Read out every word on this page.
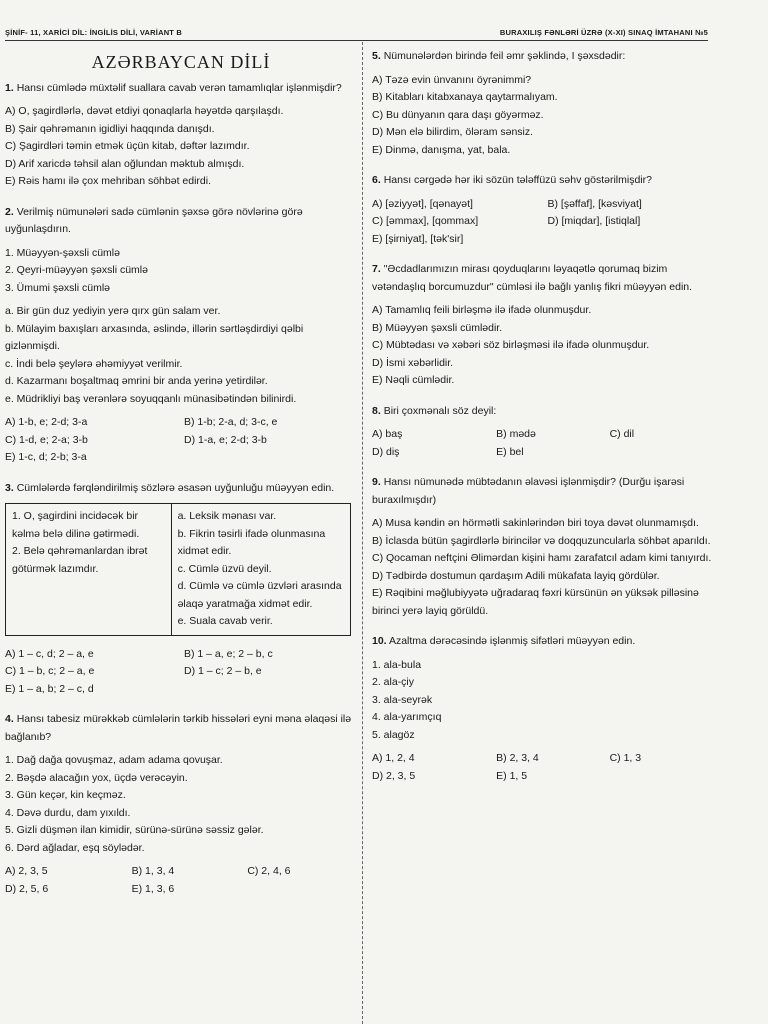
ŞİNİF- 11, XARİCİ DİL: İNGİLİS DİLİ, VARİANT B	BURAXILIŞ FƏNLƏRİ ÜZRƏ (X-XI) SINAQ İMTAHANI №5
AZƏRBAYCAN DİLİ
1. Hansı cümlədə müxtəlif suallara cavab verən tamamlıqlar işlənmişdir?
A) O, şagirdlərlə, dəvət etdiyi qonaqlarla həyətdə qarşılaşdı.
B) Şair qəhrəmanın igidliyi haqqında danışdı.
C) Şagirdləri təmin etmək üçün kitab, dəftər lazımdır.
D) Arif xaricdə təhsil alan oğlundan məktub almışdı.
E) Rəis hamı ilə çox mehriban söhbət edirdi.
2. Verilmiş nümunələri sadə cümlənin şəxsə görə növlərinə görə uyğunlaşdırın.
1. Müəyyən-şəxsli cümlə
2. Qeyri-müəyyən şəxsli cümlə
3. Ümumi şəxsli cümlə
a. Bir gün duz yediyin yerə qırx gün salam ver.
b. Mülayim baxışları arxasında, əslində, illərin sərtləşdirdiyi qəlbi gizlənmişdi.
c. İndi belə şeylərə əhəmiyyət verilmir.
d. Kazarmanı boşaltmaq əmrini bir anda yerinə yetirdilər.
e. Müdrikliyi baş verənlərə soyuqqanlı münasibətindən bilinirdi.
A) 1-b, e; 2-d; 3-a	B) 1-b; 2-a, d; 3-c, e
C) 1-d, e; 2-a; 3-b	D) 1-a, e; 2-d; 3-b
E) 1-c, d; 2-b; 3-a
3. Cümlələrdə fərqləndirilmiş sözlərə əsasən uyğunluğu müəyyən edin.
1. O, şagirdini incidəcək bir kəlmə belə dilinə gətirmədi.
2. Belə qəhrəmanlardan ibrət götürmək lazımdır.

a. Leksik mənası var.
b. Fikrin təsirli ifadə olunmasına xidmət edir.
c. Cümlə üzvü deyil.
d. Cümlə və cümlə üzvləri arasında əlaqə yaratmağa xidmət edir.
e. Suala cavab verir.
A) 1 – c, d; 2 – a, e	B) 1 – a, e; 2 – b, c
C) 1 – b, c; 2 – a, e	D) 1 – c; 2 – b, e
E) 1 – a, b; 2 – c, d
4. Hansı tabesiz mürəkkəb cümlələrin tərkib hissələri eyni məna əlaqəsi ilə bağlanıb?
1. Dağ dağa qovuşmaz, adam adama qovuşar.
2. Bəşdə alacağın yox, üçdə verəcəyin.
3. Gün keçər, kin keçməz.
4. Dəvə durdu, dam yıxıldı.
5. Gizli düşmən ilan kimidir, sürünə-sürünə səssiz gələr.
6. Dərd ağladar, eşq söylədər.
A) 2, 3, 5	B) 1, 3, 4	C) 2, 4, 6
D) 2, 5, 6	E) 1, 3, 6
5. Nümunələrdən birində feil əmr şəklində, I şəxsdədir:
A) Təzə evin ünvanını öyrənimmi?
B) Kitabları kitabxanaya qaytarmalıyam.
C) Bu dünyanın qara daşı göyərməz.
D) Mən elə bilirdim, öləram sənsiz.
E) Dinmə, danışma, yat, bala.
6. Hansı cərgədə hər iki sözün tələffüzü səhv göstərilmişdir?
A) [əziyyət], [qənayət]	B) [şəffaf], [kəsviyat]
C) [əmmax], [qommax]	D) [miqdar], [istiqlal]
E) [şirniyat], [tək'sir]
7. "Əcdadlarımızın mirası qoyduqlarını ləyaqətlə qorumaq bizim vətəndaşlıq borcumuzdur" cümləsi ilə bağlı yanlış fikri müəyyən edin.
A) Tamamlıq feili birləşmə ilə ifadə olunmuşdur.
B) Müəyyən şəxsli cümlədir.
C) Mübtədası və xəbəri söz birləşməsi ilə ifadə olunmuşdur.
D) İsmi xəbərlidir.
E) Nəqli cümlədir.
8. Biri çoxmənalı söz deyil:
A) baş	B) mədə	C) dil
D) diş	E) bel
9. Hansı nümunədə mübtədanın əlavəsi işlənmişdir? (Durğu işarəsi buraxılmışdır)
A) Musa kəndin ən hörmətli sakinlərindən biri toya dəvət olunmamışdı.
B) İclasda bütün şagirdlərlə birincilər və doqquzuncularla söhbət aparıldı.
C) Qocaman neftçini Əlimərdan kişini hamı zarafatcıl adam kimi tanıyırdı.
D) Tədbirdə dostumun qardaşım Adili mükafata layiq gördülər.
E) Rəqibini məğlubiyyətə uğradaraq fəxri kürsünün ən yüksək pilləsinə birinci yerə layiq görüldü.
10. Azaltma dərəcəsində işlənmiş sifətləri müəyyən edin.
1. ala-bula
2. ala-çiy
3. ala-seyrək
4. ala-yarımçıq
5. alagöz
A) 1, 2, 4	B) 2, 3, 4	C) 1, 3
D) 2, 3, 5	E) 1, 5
